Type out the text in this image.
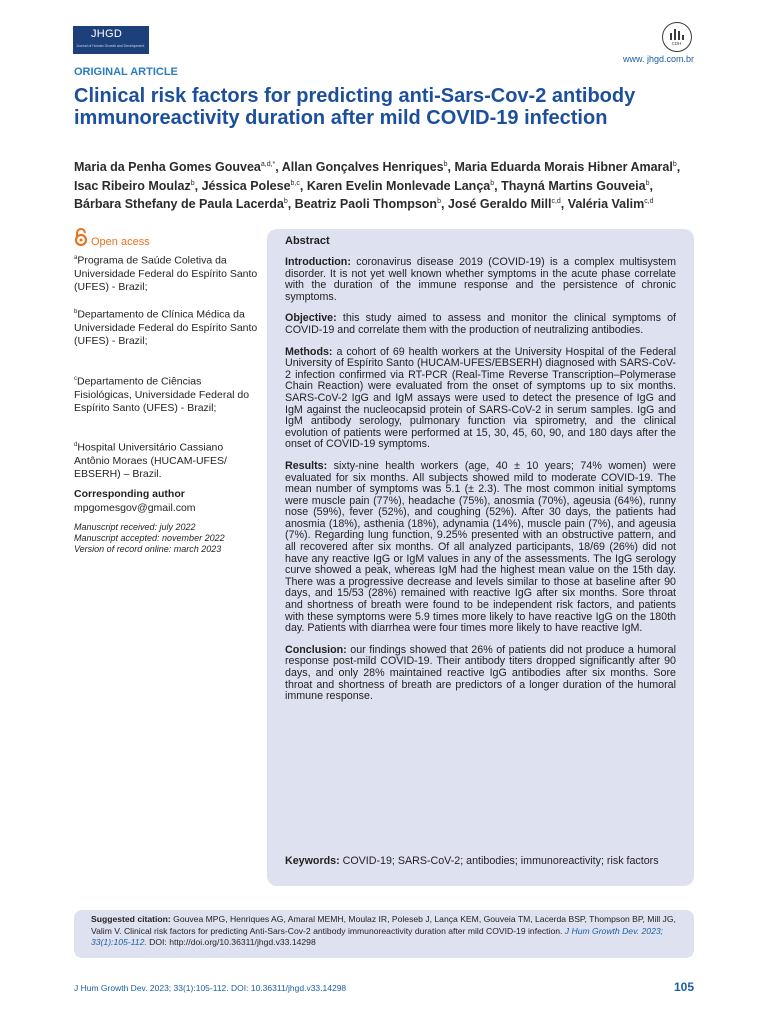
JHGD
Journal of Human Growth and Development	CDH
www. jhgd.com.br
ORIGINAL ARTICLE
Clinical risk factors for predicting anti-Sars-Cov-2 antibody immunoreactivity duration after mild COVID-19 infection
Maria da Penha Gomes Gouvea$^{a,d,*}$, Allan Gonçalves Henriques$^b$, Maria Eduarda Morais Hibner Amaral$^b$, Isac Ribeiro Moulaz$^b$, Jéssica Polese$^{b,c}$, Karen Evelin Monlevade Lança$^b$, Thayná Martins Gouveia$^b$, Bárbara Sthefany de Paula Lacerda$^b$, Beatriz Paoli Thompson$^b$, José Geraldo Mill$^{c,d}$, Valéria Valim$^{c,d}$
Open acess

$^a$Programa de Saúde Coletiva da Universidade Federal do Espírito Santo (UFES) - Brazil;

$^b$Departamento de Clínica Médica da Universidade Federal do Espírito Santo (UFES) - Brazil;

$^c$Departamento de Ciências Fisiológicas, Universidade Federal do Espírito Santo (UFES) - Brazil;

$^d$Hospital Universitário Cassiano Antônio Moraes (HUCAM-UFES/ EBSERH) – Brazil.

Corresponding author
mpgomesgov@gmail.com
Manuscript received: july 2022
Manuscript accepted: november 2022
Version of record online: march 2023
Abstract

Introduction: coronavirus disease 2019 (COVID-19) is a complex multisystem disorder. It is not yet well known whether symptoms in the acute phase correlate with the duration of the immune response and the persistence of chronic symptoms.

Objective: this study aimed to assess and monitor the clinical symptoms of COVID-19 and correlate them with the production of neutralizing antibodies.

Methods: a cohort of 69 health workers at the University Hospital of the Federal University of Espírito Santo (HUCAM-UFES/EBSERH) diagnosed with SARS-CoV-2 infection confirmed via RT-PCR (Real-Time Reverse Transcription–Polymerase Chain Reaction) were evaluated from the onset of symptoms up to six months. SARS-CoV-2 IgG and IgM assays were used to detect the presence of IgG and IgM against the nucleocapsid protein of SARS-CoV-2 in serum samples. IgG and IgM antibody serology, pulmonary function via spirometry, and the clinical evolution of patients were performed at 15, 30, 45, 60, 90, and 180 days after the onset of COVID-19 symptoms.

Results: sixty-nine health workers (age, 40 ± 10 years; 74% women) were evaluated for six months. All subjects showed mild to moderate COVID-19. The mean number of symptoms was 5.1 (± 2.3). The most common initial symptoms were muscle pain (77%), headache (75%), anosmia (70%), ageusia (64%), runny nose (59%), fever (52%), and coughing (52%). After 30 days, the patients had anosmia (18%), asthenia (18%), adynamia (14%), muscle pain (7%), and ageusia (7%). Regarding lung function, 9.25% presented with an obstructive pattern, and all recovered after six months. Of all analyzed participants, 18/69 (26%) did not have any reactive IgG or IgM values in any of the assessments. The IgG serology curve showed a peak, whereas IgM had the highest mean value on the 15th day. There was a progressive decrease and levels similar to those at baseline after 90 days, and 15/53 (28%) remained with reactive IgG after six months. Sore throat and shortness of breath were found to be independent risk factors, and patients with these symptoms were 5.9 times more likely to have reactive IgG on the 180th day. Patients with diarrhea were four times more likely to have reactive IgM.

Conclusion: our findings showed that 26% of patients did not produce a humoral response post-mild COVID-19. Their antibody titers dropped significantly after 90 days, and only 28% maintained reactive IgG antibodies after six months. Sore throat and shortness of breath are predictors of a longer duration of the humoral immune response.

Keywords: COVID-19; SARS-CoV-2; antibodies; immunoreactivity; risk factors
Suggested citation: Gouvea MPG, Henriques AG, Amaral MEMH, Moulaz IR, Poleseb J, Lança KEM, Gouveia TM, Lacerda BSP, Thompson BP, Mill JG, Valim V. Clinical risk factors for predicting Anti-Sars-Cov-2 antibody immunoreactivity duration after mild COVID-19 infection. J Hum Growth Dev. 2023; 33(1):105-112. DOI: http://doi.org/10.36311/jhgd.v33.14298
J Hum Growth Dev. 2023; 33(1):105-112. DOI: 10.36311/jhgd.v33.14298	105
